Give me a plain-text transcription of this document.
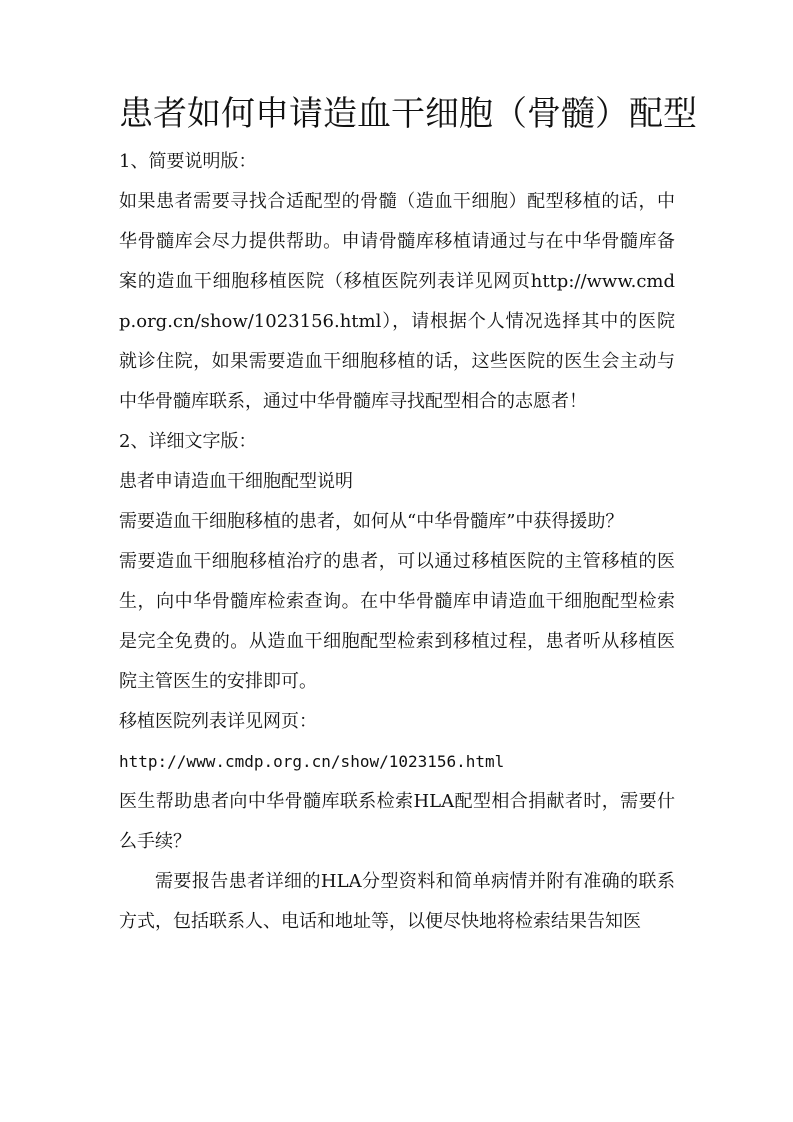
患者如何申请造血干细胞（骨髓）配型

1、简要说明版：

如果患者需要寻找合适配型的骨髓（造血干细胞）配型移植的话，中华骨髓库会尽力提供帮助。申请骨髓库移植请通过与在中华骨髓库备案的造血干细胞移植医院（移植医院列表详见网页http://www.cmdp.org.cn/show/1023156.html），请根据个人情况选择其中的医院就诊住院，如果需要造血干细胞移植的话，这些医院的医生会主动与中华骨髓库联系，通过中华骨髓库寻找配型相合的志愿者！

2、详细文字版：

患者申请造血干细胞配型说明

需要造血干细胞移植的患者，如何从“中华骨髓库”中获得援助？

需要造血干细胞移植治疗的患者，可以通过移植医院的主管移植的医生，向中华骨髓库检索查询。在中华骨髓库申请造血干细胞配型检索是完全免费的。从造血干细胞配型检索到移植过程，患者听从移植医院主管医生的安排即可。

移植医院列表详见网页：

http://www.cmdp.org.cn/show/1023156.html

医生帮助患者向中华骨髓库联系检索HLA配型相合捐献者时，需要什么手续？

需要报告患者详细的HLA分型资料和简单病情并附有准确的联系方式，包括联系人、电话和地址等，以便尽快地将检索结果告知医
